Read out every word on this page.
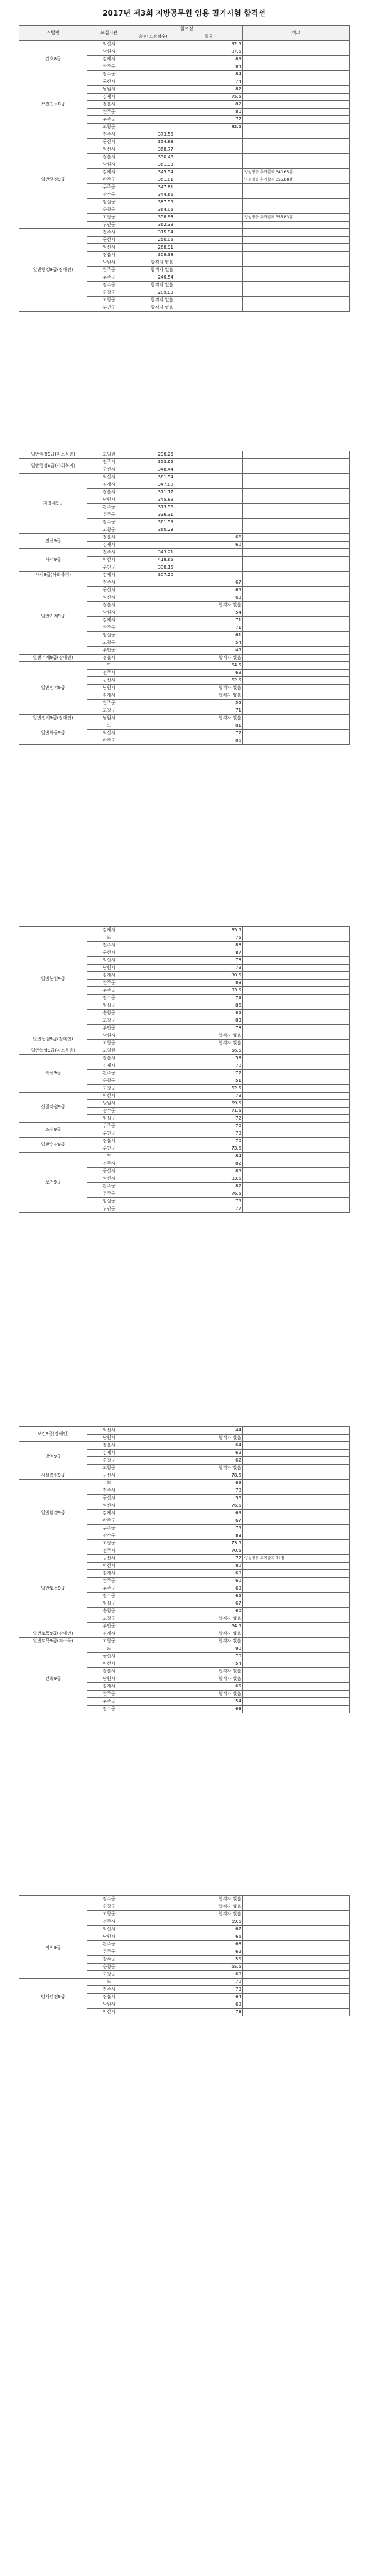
2017년 제3회 지방공무원 임용 필기시험 합격선
직렬명	모집기관	합격선		비고
		총점(조정점수)	평균	
간호8급	익산시		92.5	
	남원시		87.5	
	김제시		89	
	완주군		84	
	장수군		84	
보건진료8급	군산시		74	
	남원시		82	
	김제시		75.5	
	정읍시		82	
	완주군		80	
	무주군		77	
	고창군		82.5	
일반행정9급	전주시	373.55		
	군산시	354.83		
	익산시	368.77		
	정읍시	350.46		
	남원시	361.33		
	김제시	345.54		양성평등 추가합격 340.65점
	완주군	361.81		양성평등 추가합격 355.88점
	무주군	347.81		
	장수군	344.66		
	임실군	387.55		
	순창군	364.05		
	고창군	358.93		양성평등 추가합격 355.83점
	부안군	362.39		
일반행정9급(장애인)	전주시	315.94		
	군산시	250.05		
	익산시	268.91		
	정읍시	309.38		
	남원시	합격자 없음		
	완주군	합격자 없음		
	무주군	240.54		
	장수군	합격자 없음		
	순창군	289.03		
	고창군	합격자 없음		
	부안군	합격자 없음		
일반행정9급(저소득층)	도일원	290.25		
일반행정9급(사회복지)	전주시	353.62		
	군산시	348.44		
지방세9급	익산시	361.54		
	김제시	347.88		
	정읍시	371.17		
	남원시	345.89		
	완주군	373.56		
	무주군	336.31		
	장수군	361.59		
	고창군	360.23		
전산9급	정읍시		66	
	김제시		60	
사서9급	전주시	343.21		
	익산시	418.65		
	부안군	338.15		
사서9급(사회복지)	김제시	307.20		
일반기계9급	전주시		67	
	군산시		65	
	익산시		63	
	정읍시		합격자 없음	
	남원시		54	
	김제시		71	
	완주군		71	
	임실군		61	
	고창군		54	
	부안군		45	
일반기계9급(장애인)	정읍시		합격자 없음	
일반전기9급	도		64.5	
	전주시		69	
	군산시		62.5	
	남원시		합격자 없음	
	김제시		합격자 없음	
	완주군		55	
	고창군		71	
일반전기9급(장애인)	남원시		합격자 없음	
일반화공9급	도		81	
	익산시		77	
	완주군		86	
일반농업9급	김제시		85.5	
	도		75	
	전주시		88	
	군산시		87	
	익산시		78	
	남원시		79	
	김제시		80.5	
	완주군		88	
	무주군		83.5	
	장수군		79	
	임실군		86	
	순창군		85	
	고창군		83	
	부안군		78	
일반농업9급(장애인)	남원시		합격자 없음	
	고창군		합격자 없음	
일반농업9급(저소득층)	도일원		56.5	
축산9급	정읍시		58	
	김제시		70	
	완주군		72	
	순창군		51	
	고창군		62.5	
산림자원9급	익산시		79	
	남원시		69.5	
	장수군		71.5	
	임실군		72	
조경9급	무주군		70	
	부안군		79	
일반수산9급	정읍시		70	
	부안군		73.5	
보건9급	도		84	
	전주시		82	
	군산시		85	
	익산시		83.5	
	완주군		82	
	무주군		76.5	
	임실군		75	
	부안군		77	
보건9급(장애인)	익산시		44	
	남원시		합격자 없음	
방역9급	정읍시		64	
	김제시		62	
	순창군		62	
	고창군		합격자 없음	
시설측량9급	군산시		78.5	
일반환경9급	도		69	
	전주시		78	
	군산시		56	
	익산시		76.5	
	김제시		69	
	완주군		67	
	무주군		75	
	장수군		83	
	고창군		73.5	
일반토목9급	전주시		70.5	
	군산시		72	양성평등 추가합격 71점
	익산시		80	
	김제시		60	
	완주군		60	
	무주군		69	
	장수군		62	
	임실군		67	
	순창군		60	
	고창군		합격자 없음	
	부안군		64.5	
일반토목9급(장애인)	김제시		합격자 없음	
일반토목9급(저소득)	고창군		합격자 없음	
건축9급	도		90	
	군산시		70	
	익산시		54	
	정읍시		합격자 없음	
	남원시		합격자 없음	
	김제시		65	
	완주군		합격자 없음	
	무주군		54	
	장수군		63	
	장수군		합격자 없음	
	순창군		합격자 없음	
	고창군		합격자 없음	
지적9급	전주시		69.5	
	익산시		67	
	남원시		66	
	완주군		68	
	무주군		62	
	장수군		55	
	순창군		65.5	
	고창군		68	
방재안전9급	도		70	
	전주시		79	
	정읍시		64	
	남원시		69	
	익산시		73	
